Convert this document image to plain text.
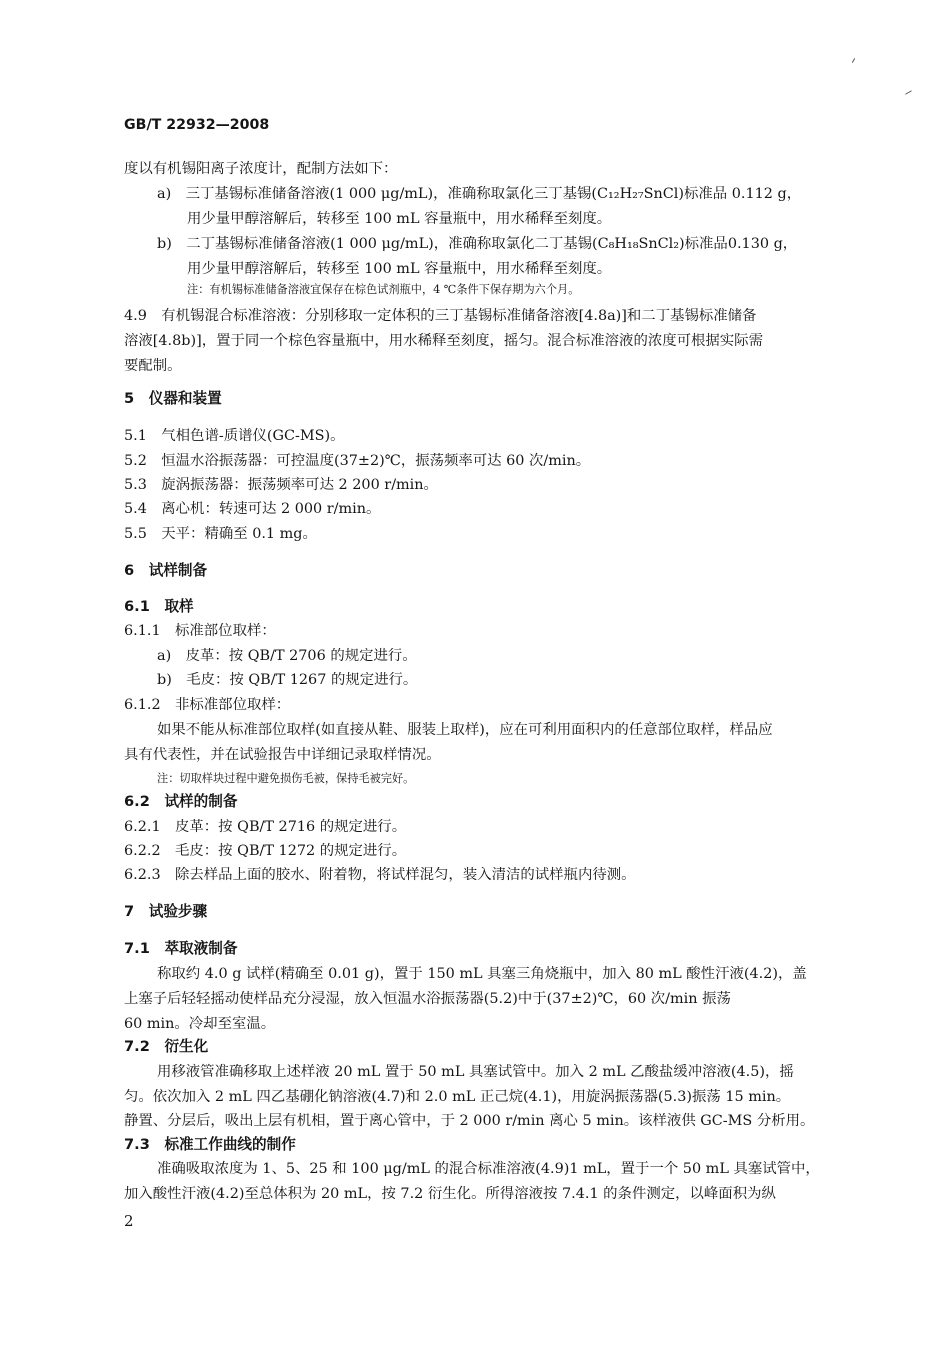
GB/T 22932—2008
度以有机锡阳离子浓度计，配制方法如下：
a)　三丁基锡标准储备溶液(1 000 μg/mL)，准确称取氯化三丁基锡(C₁₂H₂₇SnCl)标准品 0.112 g，
用少量甲醇溶解后，转移至 100 mL 容量瓶中，用水稀释至刻度。
b)　二丁基锡标准储备溶液(1 000 μg/mL)，准确称取氯化二丁基锡(C₈H₁₈SnCl₂)标准品0.130 g，
用少量甲醇溶解后，转移至 100 mL 容量瓶中，用水稀释至刻度。
注：有机锡标准储备溶液宜保存在棕色试剂瓶中，4 ℃条件下保存期为六个月。
4.9　有机锡混合标准溶液：分别移取一定体积的三丁基锡标准储备溶液[4.8a)]和二丁基锡标准储备
溶液[4.8b)]，置于同一个棕色容量瓶中，用水稀释至刻度，摇匀。混合标准溶液的浓度可根据实际需
要配制。
5　仪器和装置
5.1　气相色谱-质谱仪(GC-MS)。
5.2　恒温水浴振荡器：可控温度(37±2)℃，振荡频率可达 60 次/min。
5.3　旋涡振荡器：振荡频率可达 2 200 r/min。
5.4　离心机：转速可达 2 000 r/min。
5.5　天平：精确至 0.1 mg。
6　试样制备
6.1　取样
6.1.1　标准部位取样：
a)　皮革：按 QB/T 2706 的规定进行。
b)　毛皮：按 QB/T 1267 的规定进行。
6.1.2　非标准部位取样：
如果不能从标准部位取样(如直接从鞋、服装上取样)，应在可利用面积内的任意部位取样，样品应
具有代表性，并在试验报告中详细记录取样情况。
注：切取样块过程中避免损伤毛被，保持毛被完好。
6.2　试样的制备
6.2.1　皮革：按 QB/T 2716 的规定进行。
6.2.2　毛皮：按 QB/T 1272 的规定进行。
6.2.3　除去样品上面的胶水、附着物，将试样混匀，装入清洁的试样瓶内待测。
7　试验步骤
7.1　萃取液制备
称取约 4.0 g 试样(精确至 0.01 g)，置于 150 mL 具塞三角烧瓶中，加入 80 mL 酸性汗液(4.2)，盖
上塞子后轻轻摇动使样品充分浸湿，放入恒温水浴振荡器(5.2)中于(37±2)℃，60 次/min 振荡
60 min。冷却至室温。
7.2　衍生化
用移液管准确移取上述样液 20 mL 置于 50 mL 具塞试管中。加入 2 mL 乙酸盐缓冲溶液(4.5)，摇
匀。依次加入 2 mL 四乙基硼化钠溶液(4.7)和 2.0 mL 正己烷(4.1)，用旋涡振荡器(5.3)振荡 15 min。
静置、分层后，吸出上层有机相，置于离心管中，于 2 000 r/min 离心 5 min。该样液供 GC-MS 分析用。
7.3　标准工作曲线的制作
准确吸取浓度为 1、5、25 和 100 μg/mL 的混合标准溶液(4.9)1 mL，置于一个 50 mL 具塞试管中，
加入酸性汗液(4.2)至总体积为 20 mL，按 7.2 衍生化。所得溶液按 7.4.1 的条件测定，以峰面积为纵
2
